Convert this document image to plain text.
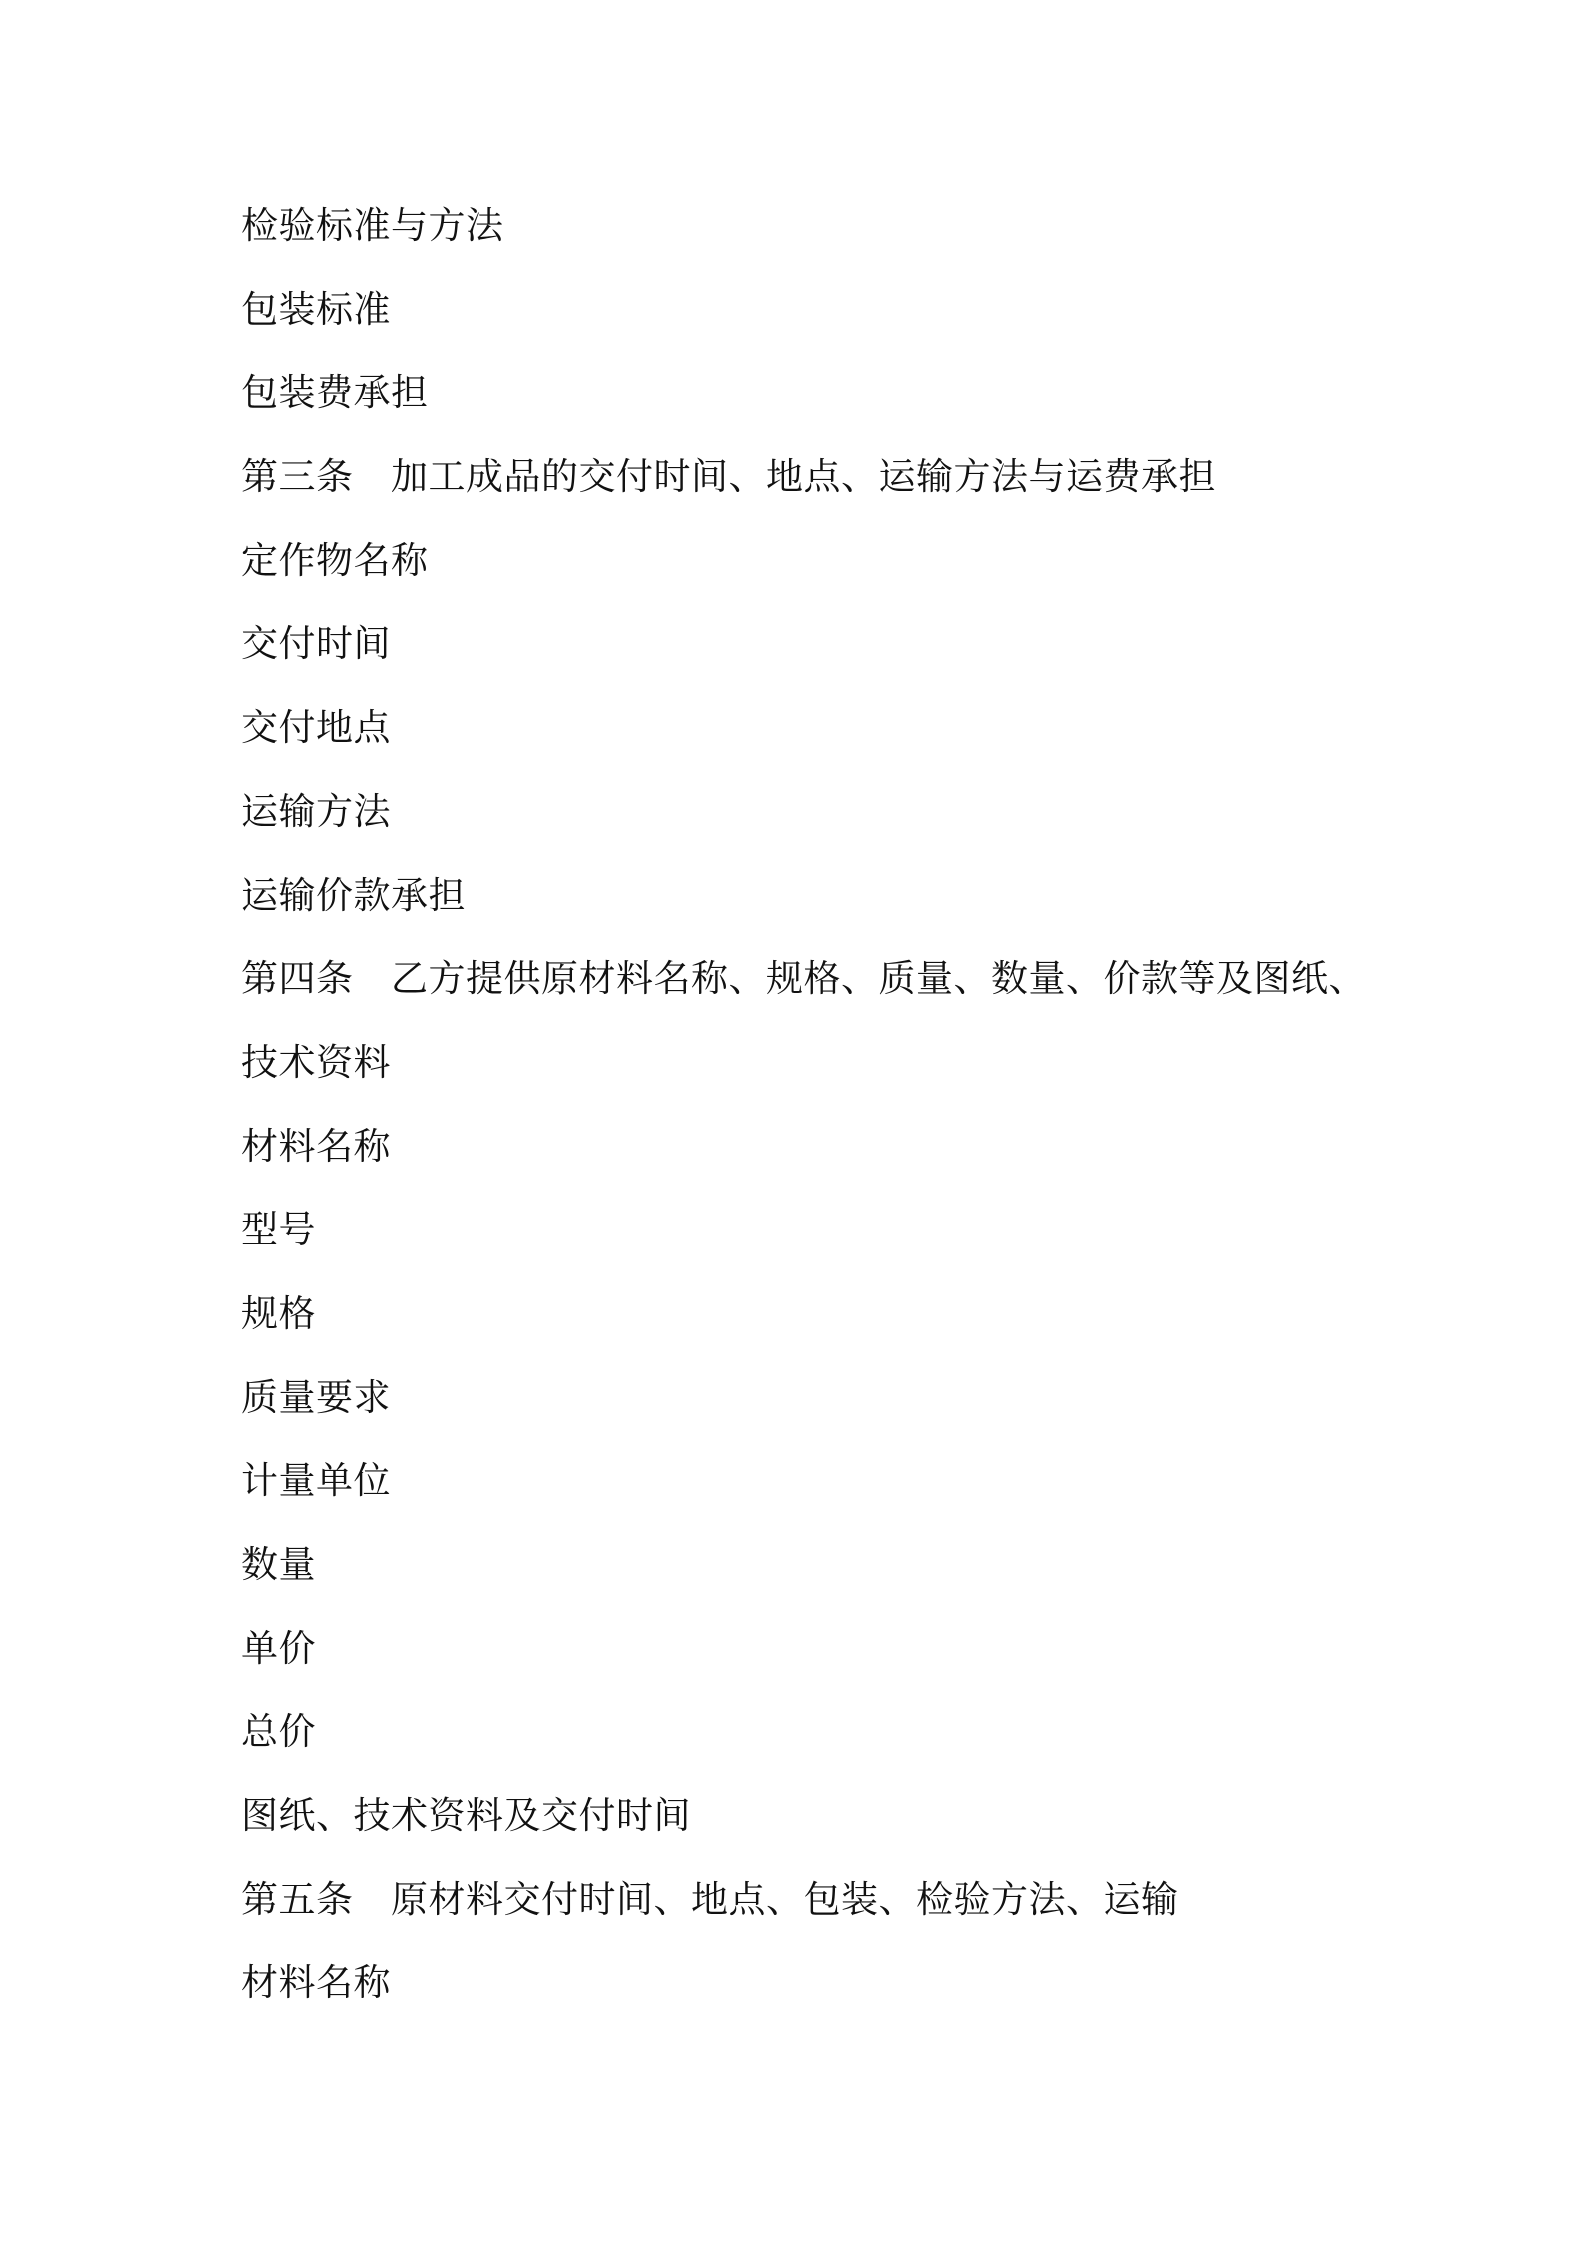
检验标准与方法
包装标准
包装费承担
第三条　加工成品的交付时间、地点、运输方法与运费承担
定作物名称
交付时间
交付地点
运输方法
运输价款承担
第四条　乙方提供原材料名称、规格、质量、数量、价款等及图纸、
技术资料
材料名称
型号
规格
质量要求
计量单位
数量
单价
总价
图纸、技术资料及交付时间
第五条　原材料交付时间、地点、包装、检验方法、运输
材料名称
